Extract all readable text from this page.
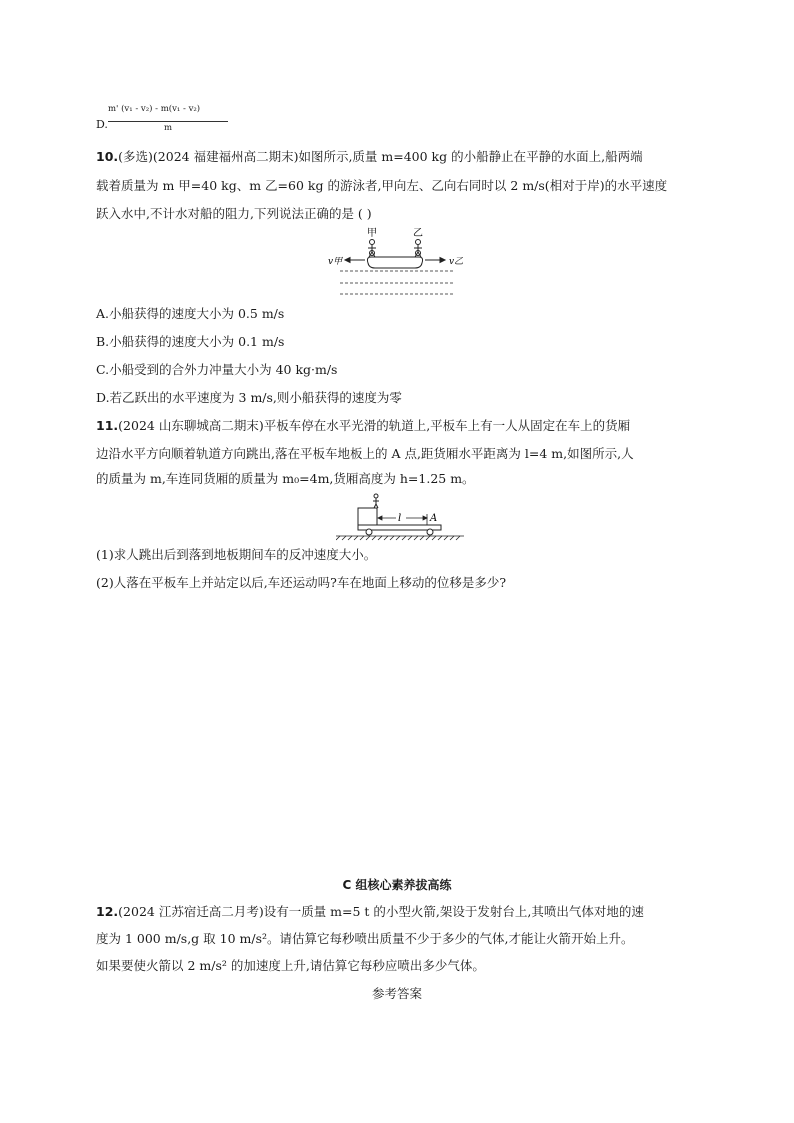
D.
m' (v₁ - v₂) - m(v₁ - v₂)
m
10.(多选)(2024 福建福州高二期末)如图所示,质量 m=400 kg 的小船静止在平静的水面上,船两端
载着质量为 m 甲=40 kg、m 乙=60 kg 的游泳者,甲向左、乙向右同时以 2 m/s(相对于岸)的水平速度
跃入水中,不计水对船的阻力,下列说法正确的是 ( )
甲	乙
v甲	v乙
A.小船获得的速度大小为 0.5 m/s
B.小船获得的速度大小为 0.1 m/s
C.小船受到的合外力冲量大小为 40 kg·m/s
D.若乙跃出的水平速度为 3 m/s,则小船获得的速度为零
11.(2024 山东聊城高二期末)平板车停在水平光滑的轨道上,平板车上有一人从固定在车上的货厢
边沿水平方向顺着轨道方向跳出,落在平板车地板上的 A 点,距货厢水平距离为 l=4 m,如图所示,人
的质量为 m,车连同货厢的质量为 m₀=4m,货厢高度为 h=1.25 m。
l	A
(1)求人跳出后到落到地板期间车的反冲速度大小。
(2)人落在平板车上并站定以后,车还运动吗?车在地面上移动的位移是多少?
C 组核心素养拔高练
12.(2024 江苏宿迁高二月考)设有一质量 m=5 t 的小型火箭,架设于发射台上,其喷出气体对地的速
度为 1 000 m/s,g 取 10 m/s²。请估算它每秒喷出质量不少于多少的气体,才能让火箭开始上升。
如果要使火箭以 2 m/s² 的加速度上升,请估算它每秒应喷出多少气体。
参考答案
